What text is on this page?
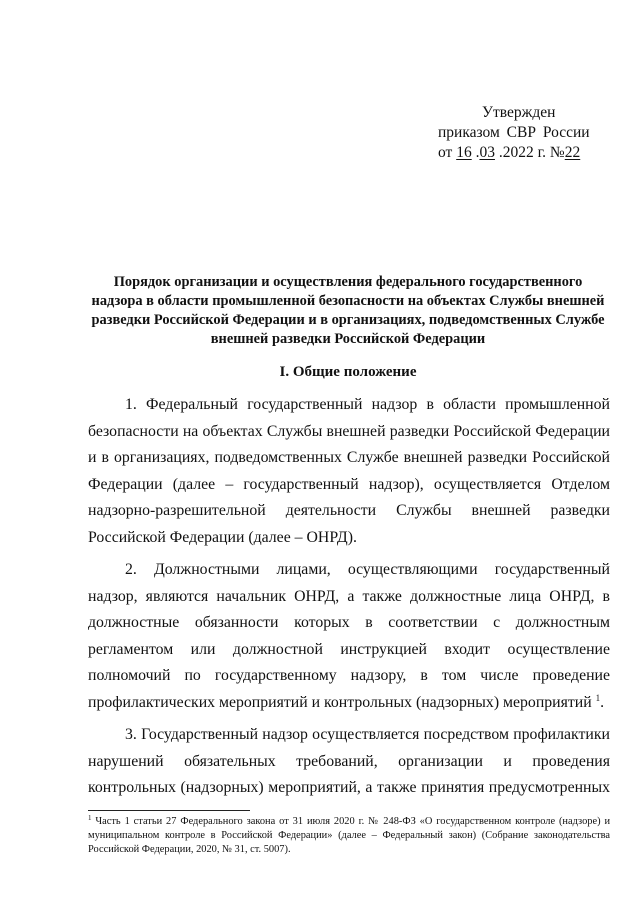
Утвержден
приказом СВР России
от 16 .03 .2022 г. №22
Порядок организации и осуществления федерального государственного надзора в области промышленной безопасности на объектах Службы внешней разведки Российской Федерации и в организациях, подведомственных Службе внешней разведки Российской Федерации
I. Общие положение

1. Федеральный государственный надзор в области промышленной безопасности на объектах Службы внешней разведки Российской Федерации и в организациях, подведомственных Службе внешней разведки Российской Федерации (далее – государственный надзор), осуществляется Отделом надзорно-разрешительной деятельности Службы внешней разведки Российской Федерации (далее – ОНРД).

2. Должностными лицами, осуществляющими государственный надзор, являются начальник ОНРД, а также должностные лица ОНРД, в должностные обязанности которых в соответствии с должностным регламентом или должностной инструкцией входит осуществление полномочий по государственному надзору, в том числе проведение профилактических мероприятий и контрольных (надзорных) мероприятий $^1$.

3. Государственный надзор осуществляется посредством профилактики нарушений обязательных требований, организации и проведения контрольных (надзорных) мероприятий, а также принятия предусмотренных

$^1$ Часть 1 статьи 27 Федерального закона от 31 июля 2020 г. № 248-ФЗ «О государственном контроле (надзоре) и муниципальном контроле в Российской Федерации» (далее – Федеральный закон) (Собрание законодательства Российской Федерации, 2020, № 31, ст. 5007).
